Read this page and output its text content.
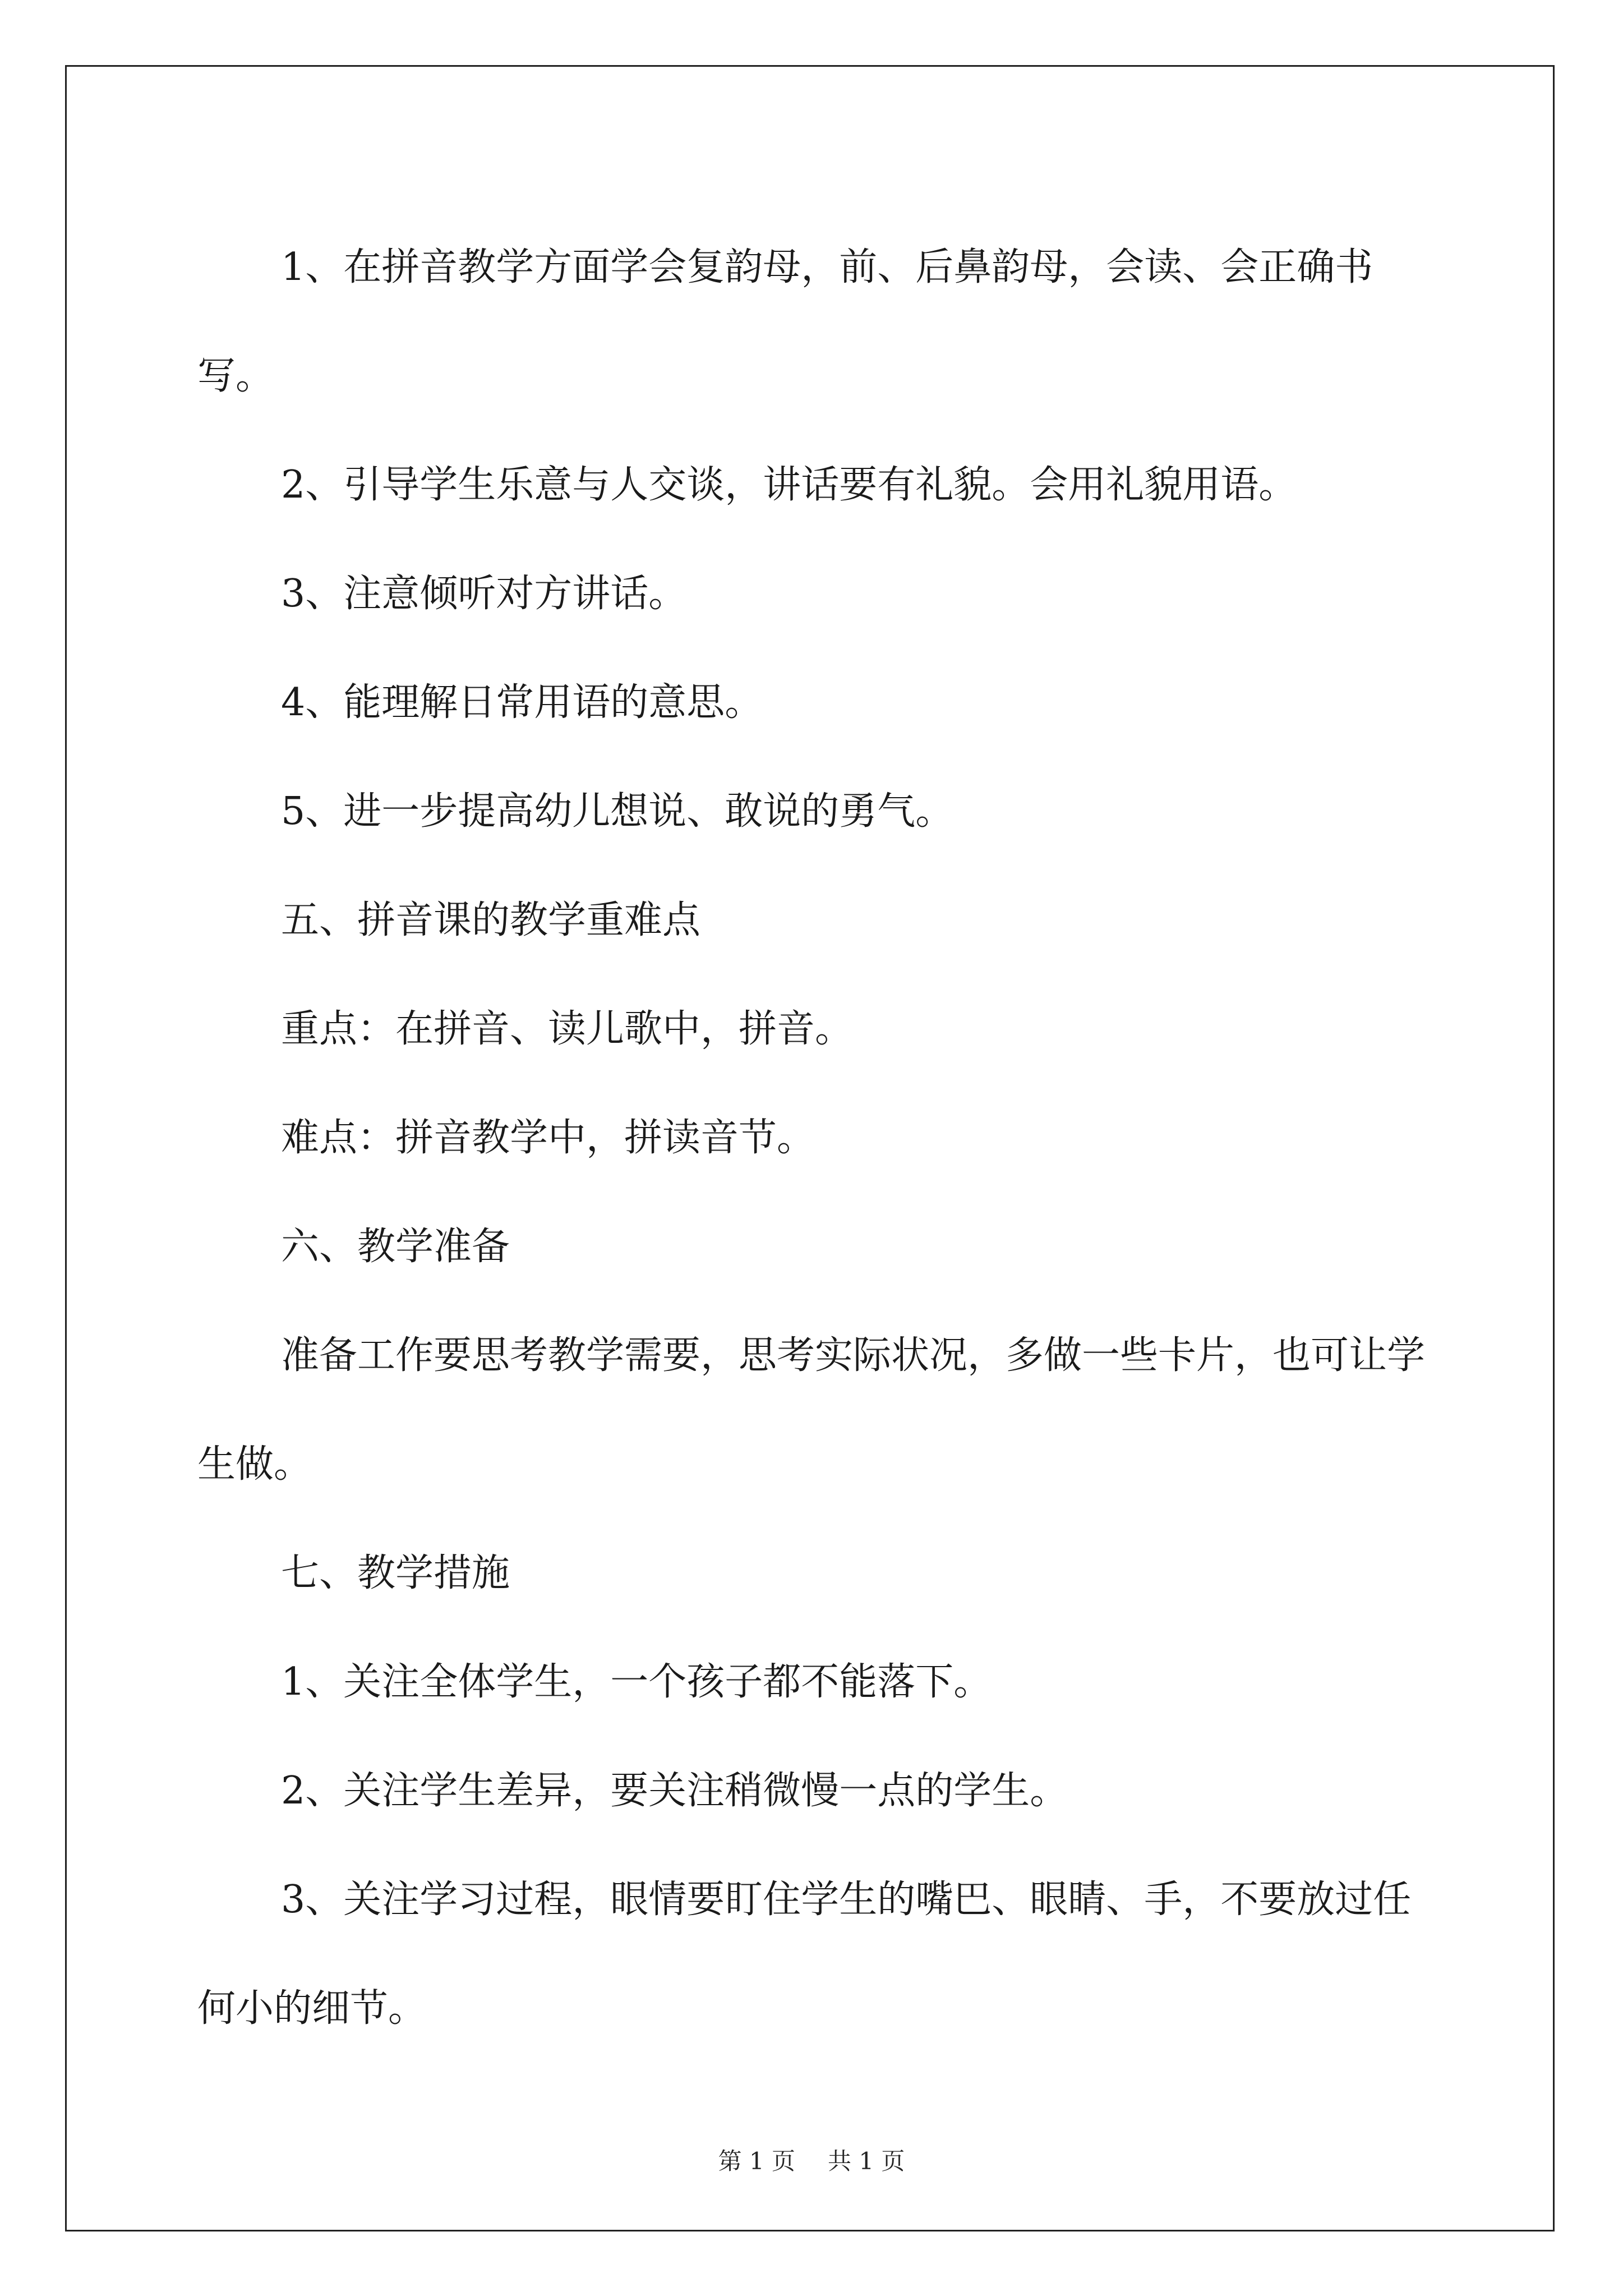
1、在拼音教学方面学会复韵母，前、后鼻韵母，会读、会正确书写。

2、引导学生乐意与人交谈，讲话要有礼貌。会用礼貌用语。

3、注意倾听对方讲话。

4、能理解日常用语的意思。

5、进一步提高幼儿想说、敢说的勇气。

五、拼音课的教学重难点

重点：在拼音、读儿歌中，拼音。

难点：拼音教学中，拼读音节。

六、教学准备

准备工作要思考教学需要，思考实际状况，多做一些卡片，也可让学生做。

七、教学措施

1、关注全体学生，一个孩子都不能落下。

2、关注学生差异，要关注稍微慢一点的学生。

3、关注学习过程，眼情要盯住学生的嘴巴、眼睛、手，不要放过任何小的细节。

第 1 页 共 1 页
